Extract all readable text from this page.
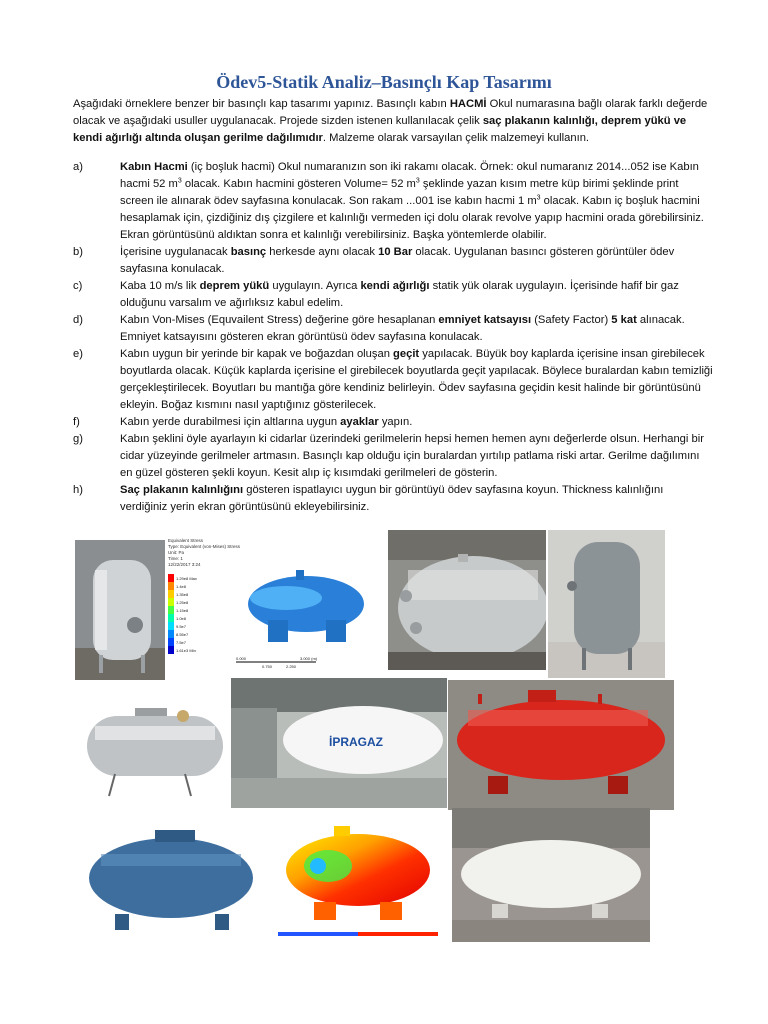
Ödev5-Statik Analiz–Basınçlı Kap Tasarımı
Aşağıdaki örneklere benzer bir basınçlı kap tasarımı yapınız. Basınçlı kabın HACMİ Okul numarasına bağlı olarak farklı değerde olacak ve aşağıdaki usuller uygulanacak. Projede sizden istenen kullanılacak çelik saç plakanın kalınlığı, deprem yükü ve kendi ağırlığı altında oluşan gerilme dağılımıdır. Malzeme olarak varsayılan çelik malzemeyi kullanın.
a)	Kabın Hacmi (iç boşluk hacmi) Okul numaranızın son iki rakamı olacak. Örnek: okul numaranız 2014...052 ise Kabın hacmi 52 $m^3$ olacak. Kabın hacmini gösteren Volume= 52 $m^3$ şeklinde yazan kısım metre küp birimi şeklinde print screen ile alınarak ödev sayfasına konulacak. Son rakam ...001 ise kabın hacmi 1 $m^3$ olacak. Kabın iç boşluk hacmini hesaplamak için, çizdiğiniz dış çizgilere et kalınlığı vermeden içi dolu olarak revolve yapıp hacmini orada görebilirsiniz. Ekran görüntüsünü aldıktan sonra et kalınlığı verebilirsiniz. Başka yöntemlerde olabilir.
b)	İçerisine uygulanacak basınç herkesde aynı olacak 10 Bar olacak. Uygulanan basıncı gösteren görüntüler ödev sayfasına konulacak.
c)	Kaba 10 m/s lik deprem yükü uygulayın. Ayrıca kendi ağırlığı statik yük olarak uygulayın. İçerisinde hafif bir gaz olduğunu varsalım ve ağırlıksız kabul edelim.
d)	Kabın Von-Mises (Equvailent Stress) değerine göre hesaplanan emniyet katsayısı (Safety Factor) 5 kat alınacak. Emniyet katsayısını gösteren ekran görüntüsü ödev sayfasına konulacak.
e)	Kabın uygun bir yerinde bir kapak ve boğazdan oluşan geçit yapılacak. Büyük boy kaplarda içerisine insan girebilecek boyutlarda olacak. Küçük kaplarda içerisine el girebilecek boyutlarda geçit yapılacak. Böylece buralardan kabın temizliği gerçekleştirilecek. Boyutları bu mantığa göre kendiniz belirleyin. Ödev sayfasına geçidin kesit halinde bir görüntüsünü ekleyin. Boğaz kısmını nasıl yaptığınız gösterilecek.
f)	Kabın yerde durabilmesi için altlarına uygun ayaklar yapın.
g)	Kabın şeklini öyle ayarlayın ki cidarlar üzerindeki gerilmelerin hepsi hemen hemen aynı değerlerde olsun. Herhangi bir cidar yüzeyinde gerilmeler artmasın. Basınçlı kap olduğu için buralardan yırtılıp patlama riski artar. Gerilme dağılımını en güzel gösteren şekli koyun. Kesit alıp iç kısımdaki gerilmeleri de gösterin.
h)	Saç plakanın kalınlığını gösteren ispatlayıcı uygun bir görüntüyü ödev sayfasına koyun. Thickness kalınlığını verdiğiniz yerin ekran görüntüsünü ekleyebilirsiniz.
Equivalent Stress
Type: Equivalent (von-Mises) Stress
Unit: Pa
Time: 1
12/22/2017 3:24
1.29e8 Max
1.4e8
1.35e8
1.25e8
1.15e8
1.0e8
9.5e7
8.55e7
7.5e7
1.61e3 Min
0.000	3.000 (m)
0.750	2.250
İPRAGAZ
